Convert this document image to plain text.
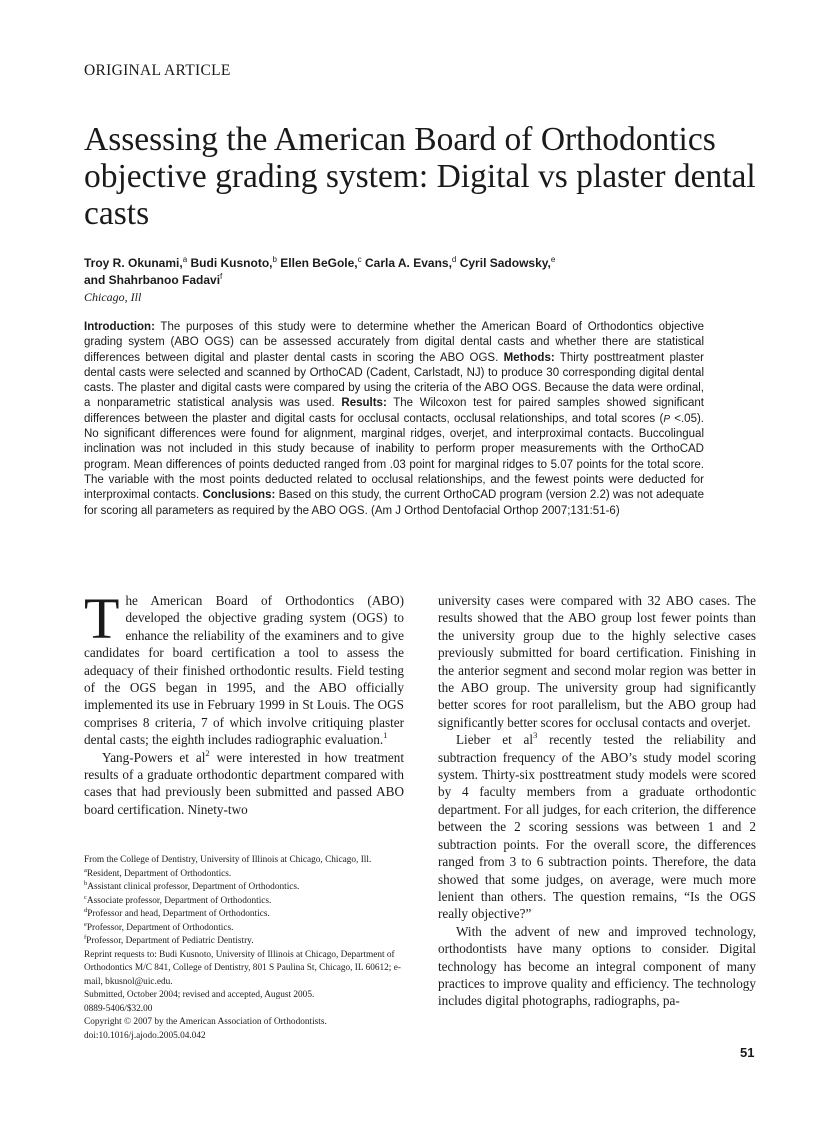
ORIGINAL ARTICLE
Assessing the American Board of Orthodontics objective grading system: Digital vs plaster dental casts
Troy R. Okunami,$^a$ Budi Kusnoto,$^b$ Ellen BeGole,$^c$ Carla A. Evans,$^d$ Cyril Sadowsky,$^e$
and Shahrbanoo Fadavi$^f$
Chicago, Ill
Introduction: The purposes of this study were to determine whether the American Board of Orthodontics objective grading system (ABO OGS) can be assessed accurately from digital dental casts and whether there are statistical differences between digital and plaster dental casts in scoring the ABO OGS. Methods: Thirty posttreatment plaster dental casts were selected and scanned by OrthoCAD (Cadent, Carlstadt, NJ) to produce 30 corresponding digital dental casts. The plaster and digital casts were compared by using the criteria of the ABO OGS. Because the data were ordinal, a nonparametric statistical analysis was used. Results: The Wilcoxon test for paired samples showed significant differences between the plaster and digital casts for occlusal contacts, occlusal relationships, and total scores (P <.05). No significant differences were found for alignment, marginal ridges, overjet, and interproximal contacts. Buccolingual inclination was not included in this study because of inability to perform proper measurements with the OrthoCAD program. Mean differences of points deducted ranged from .03 point for marginal ridges to 5.07 points for the total score. The variable with the most points deducted related to occlusal relationships, and the fewest points were deducted for interproximal contacts. Conclusions: Based on this study, the current OrthoCAD program (version 2.2) was not adequate for scoring all parameters as required by the ABO OGS. (Am J Orthod Dentofacial Orthop 2007;131:51-6)

The American Board of Orthodontics (ABO) developed the objective grading system (OGS) to enhance the reliability of the examiners and to give candidates for board certification a tool to assess the adequacy of their finished orthodontic results. Field testing of the OGS began in 1995, and the ABO officially implemented its use in February 1999 in St Louis. The OGS comprises 8 criteria, 7 of which involve critiquing plaster dental casts; the eighth includes radiographic evaluation.$^1$

Yang-Powers et $al^2$ were interested in how treatment results of a graduate orthodontic department compared with cases that had previously been submitted and passed ABO board certification. Ninety-two

university cases were compared with 32 ABO cases. The results showed that the ABO group lost fewer points than the university group due to the highly selective cases previously submitted for board certification. Finishing in the anterior segment and second molar region was better in the ABO group. The university group had significantly better scores for root parallelism, but the ABO group had significantly better scores for occlusal contacts and overjet.

Lieber et $al^3$ recently tested the reliability and subtraction frequency of the ABO’s study model scoring system. Thirty-six posttreatment study models were scored by 4 faculty members from a graduate orthodontic department. For all judges, for each criterion, the difference between the 2 scoring sessions was between 1 and 2 subtraction points. For the overall score, the differences ranged from 3 to 6 subtraction points. Therefore, the data showed that some judges, on average, were much more lenient than others. The question remains, “Is the OGS really objective?”

With the advent of new and improved technology, orthodontists have many options to consider. Digital technology has become an integral component of many practices to improve quality and efficiency. The technology includes digital photographs, radiographs, pa-

From the College of Dentistry, University of Illinois at Chicago, Chicago, Ill.
$^a$Resident, Department of Orthodontics.
$^b$Assistant clinical professor, Department of Orthodontics.
$^c$Associate professor, Department of Orthodontics.
$^d$Professor and head, Department of Orthodontics.
$^e$Professor, Department of Orthodontics.
$^f$Professor, Department of Pediatric Dentistry.
Reprint requests to: Budi Kusnoto, University of Illinois at Chicago, Department of Orthodontics M/C 841, College of Dentistry, 801 S Paulina St, Chicago, IL 60612; e-mail, bkusnol@uic.edu.
Submitted, October 2004; revised and accepted, August 2005.
0889-5406/$32.00
Copyright © 2007 by the American Association of Orthodontists.
doi:10.1016/j.ajodo.2005.04.042
51
